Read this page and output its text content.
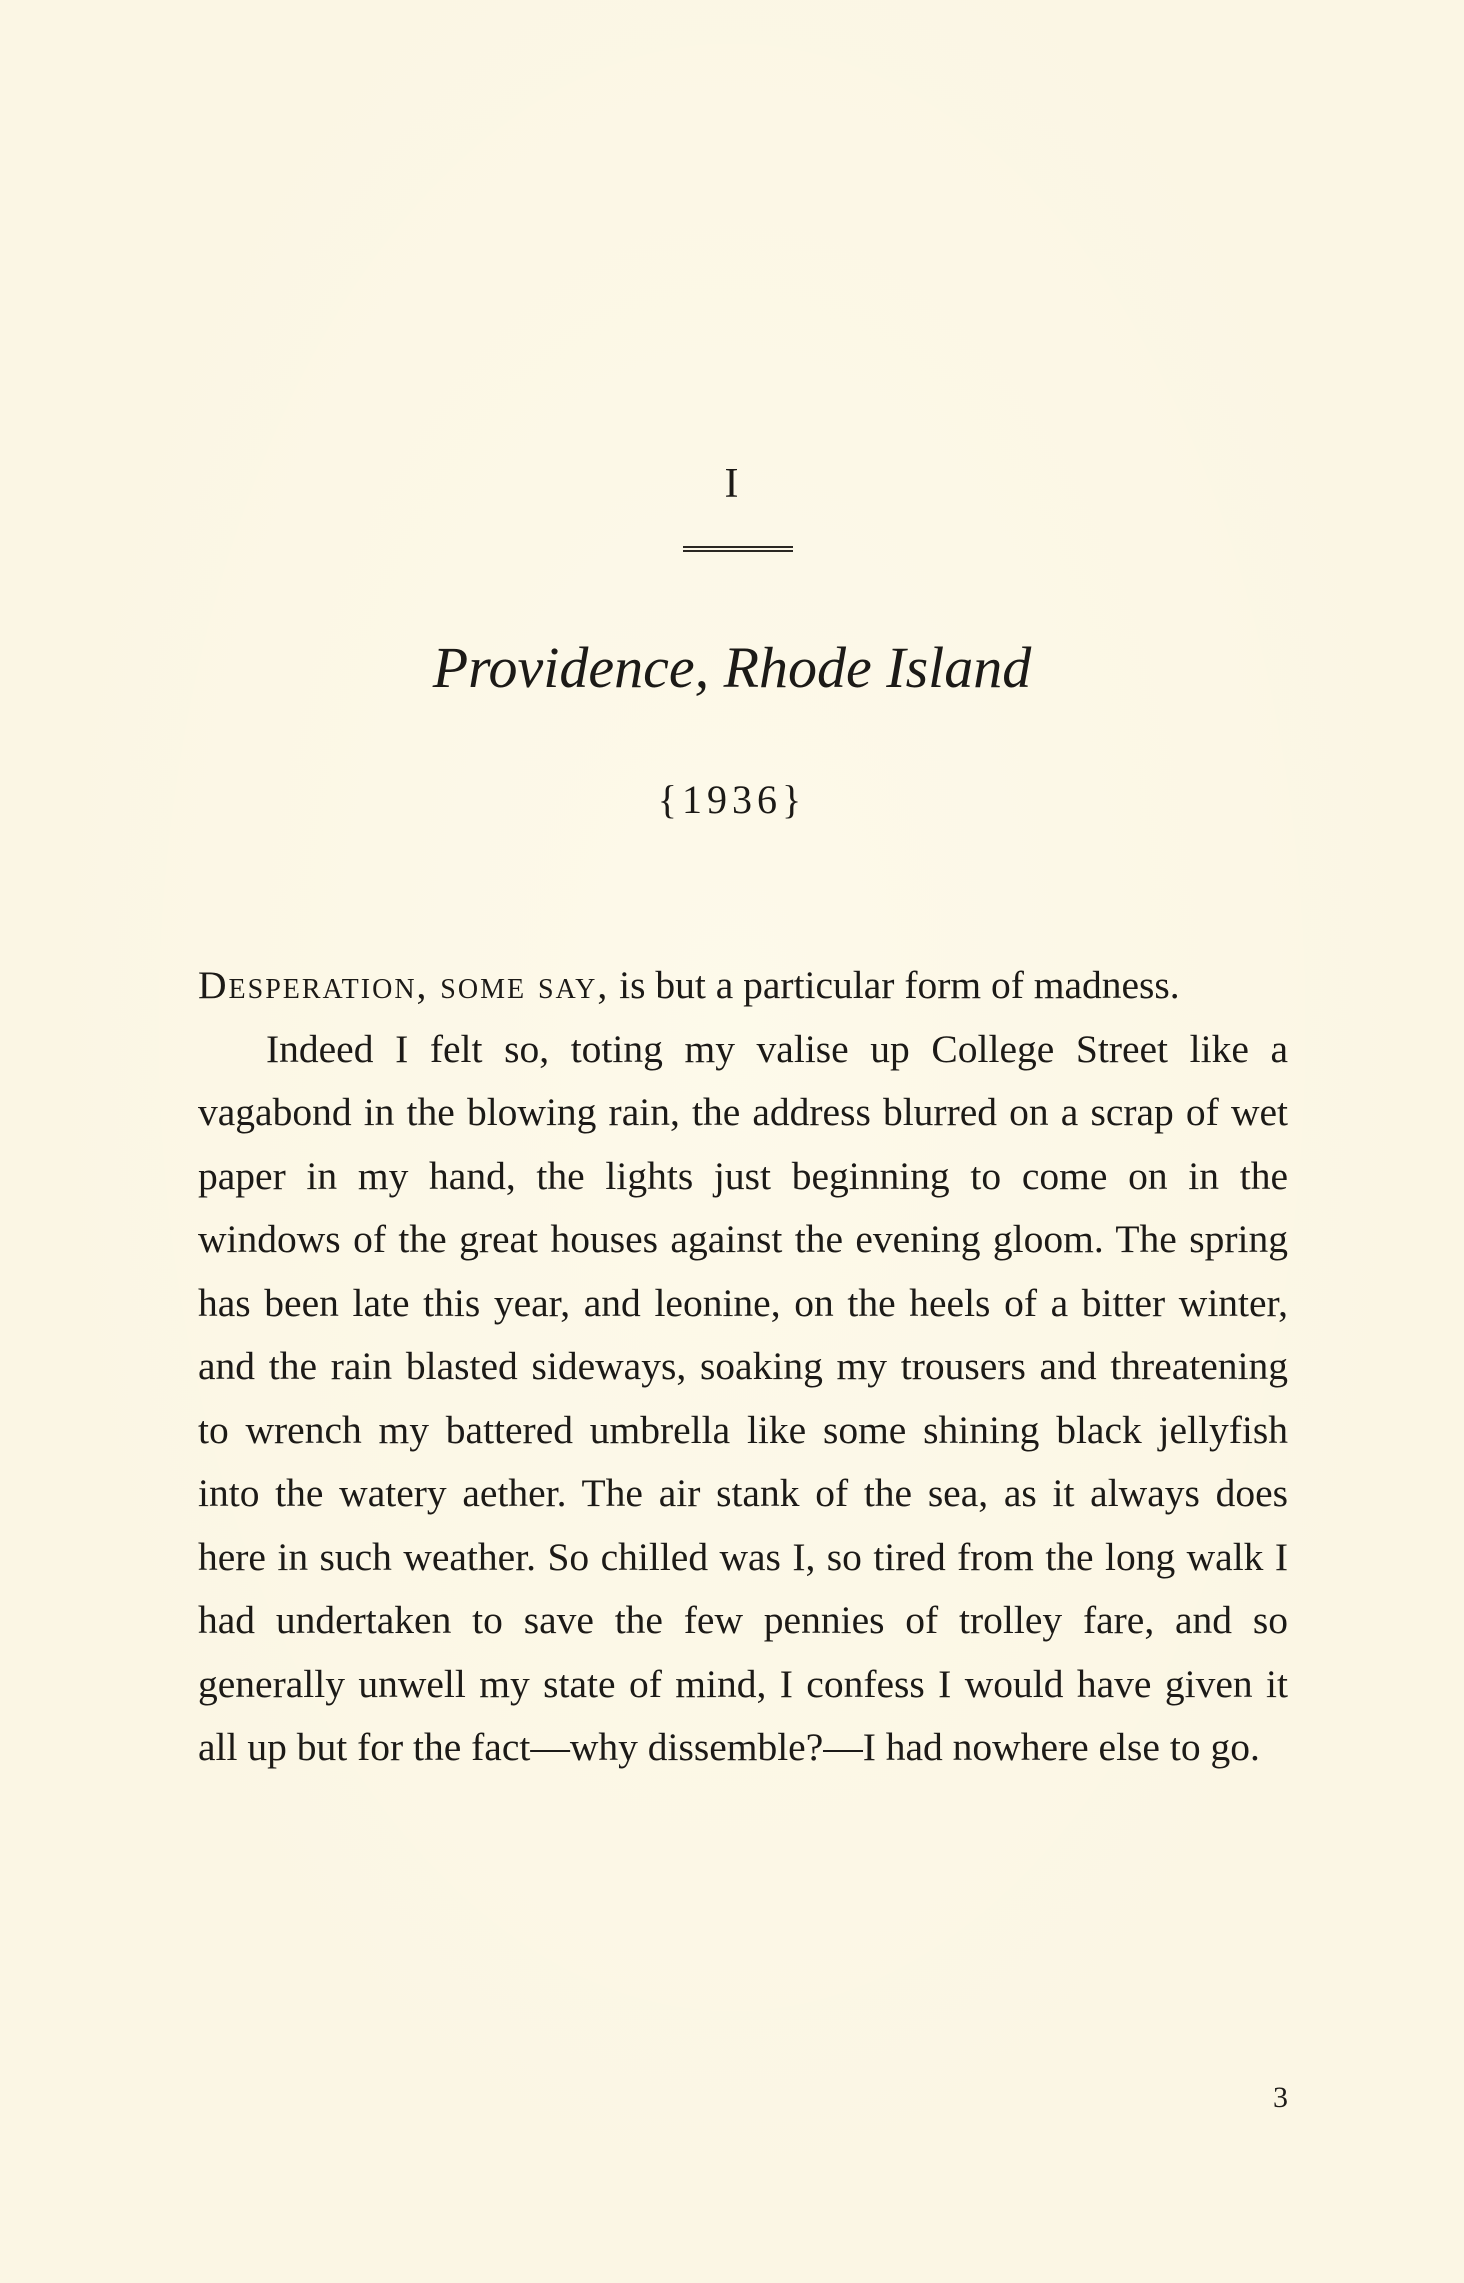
I
Providence, Rhode Island
{1936}

Desperation, some say, is but a particular form of madness.

Indeed I felt so, toting my valise up College Street like a vagabond in the blowing rain, the address blurred on a scrap of wet paper in my hand, the lights just beginning to come on in the windows of the great houses against the evening gloom. The spring has been late this year, and leonine, on the heels of a bitter winter, and the rain blasted sideways, soaking my trousers and threatening to wrench my battered umbrella like some shining black jellyfish into the watery aether. The air stank of the sea, as it always does here in such weather. So chilled was I, so tired from the long walk I had undertaken to save the few pennies of trolley fare, and so generally unwell my state of mind, I confess I would have given it all up but for the fact—why dissemble?—I had nowhere else to go.

3
